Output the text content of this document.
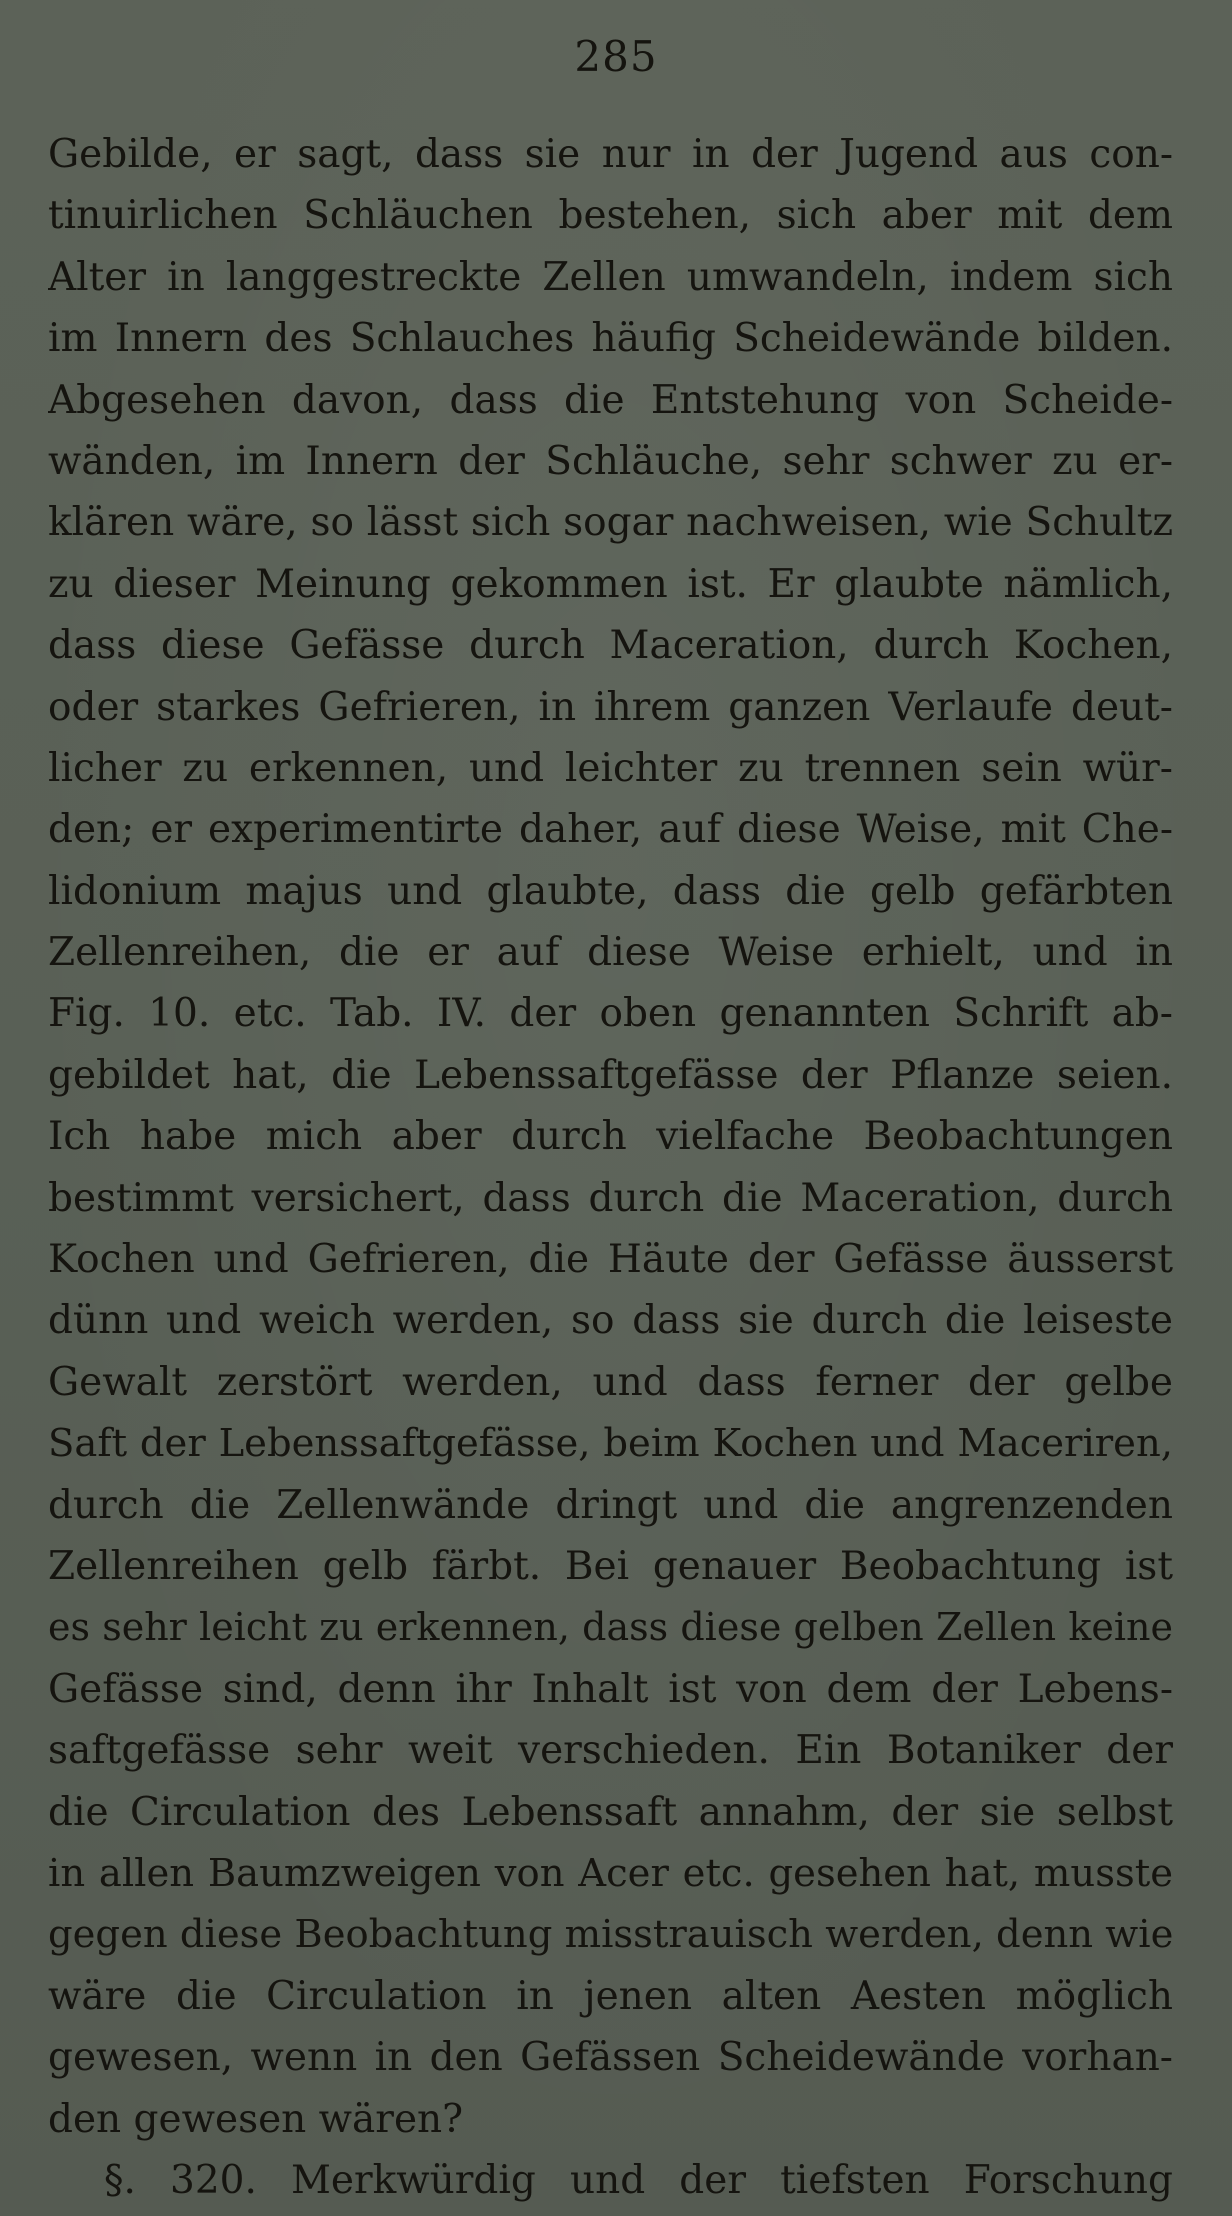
285
Gebilde, er sagt, dass sie nur in der Jugend aus con-
tinuirlichen Schläuchen bestehen, sich aber mit dem
Alter in langgestreckte Zellen umwandeln, indem sich
im Innern des Schlauches häufig Scheidewände bilden.
Abgesehen davon, dass die Entstehung von Scheide-
wänden, im Innern der Schläuche, sehr schwer zu er-
klären wäre, so lässt sich sogar nachweisen, wie Schultz
zu dieser Meinung gekommen ist. Er glaubte nämlich,
dass diese Gefässe durch Maceration, durch Kochen,
oder starkes Gefrieren, in ihrem ganzen Verlaufe deut-
licher zu erkennen, und leichter zu trennen sein wür-
den; er experimentirte daher, auf diese Weise, mit Che-
lidonium majus und glaubte, dass die gelb gefärbten
Zellenreihen, die er auf diese Weise erhielt, und in
Fig. 10. etc. Tab. IV. der oben genannten Schrift ab-
gebildet hat, die Lebenssaftgefässe der Pflanze seien.
Ich habe mich aber durch vielfache Beobachtungen
bestimmt versichert, dass durch die Maceration, durch
Kochen und Gefrieren, die Häute der Gefässe äusserst
dünn und weich werden, so dass sie durch die leiseste
Gewalt zerstört werden, und dass ferner der gelbe
Saft der Lebenssaftgefässe, beim Kochen und Maceriren,
durch die Zellenwände dringt und die angrenzenden
Zellenreihen gelb färbt. Bei genauer Beobachtung ist
es sehr leicht zu erkennen, dass diese gelben Zellen keine
Gefässe sind, denn ihr Inhalt ist von dem der Lebens-
saftgefässe sehr weit verschieden. Ein Botaniker der
die Circulation des Lebenssaft annahm, der sie selbst
in allen Baumzweigen von Acer etc. gesehen hat, musste
gegen diese Beobachtung misstrauisch werden, denn wie
wäre die Circulation in jenen alten Aesten möglich
gewesen, wenn in den Gefässen Scheidewände vorhan-
den gewesen wären?
§. 320. Merkwürdig und der tiefsten Forschung
